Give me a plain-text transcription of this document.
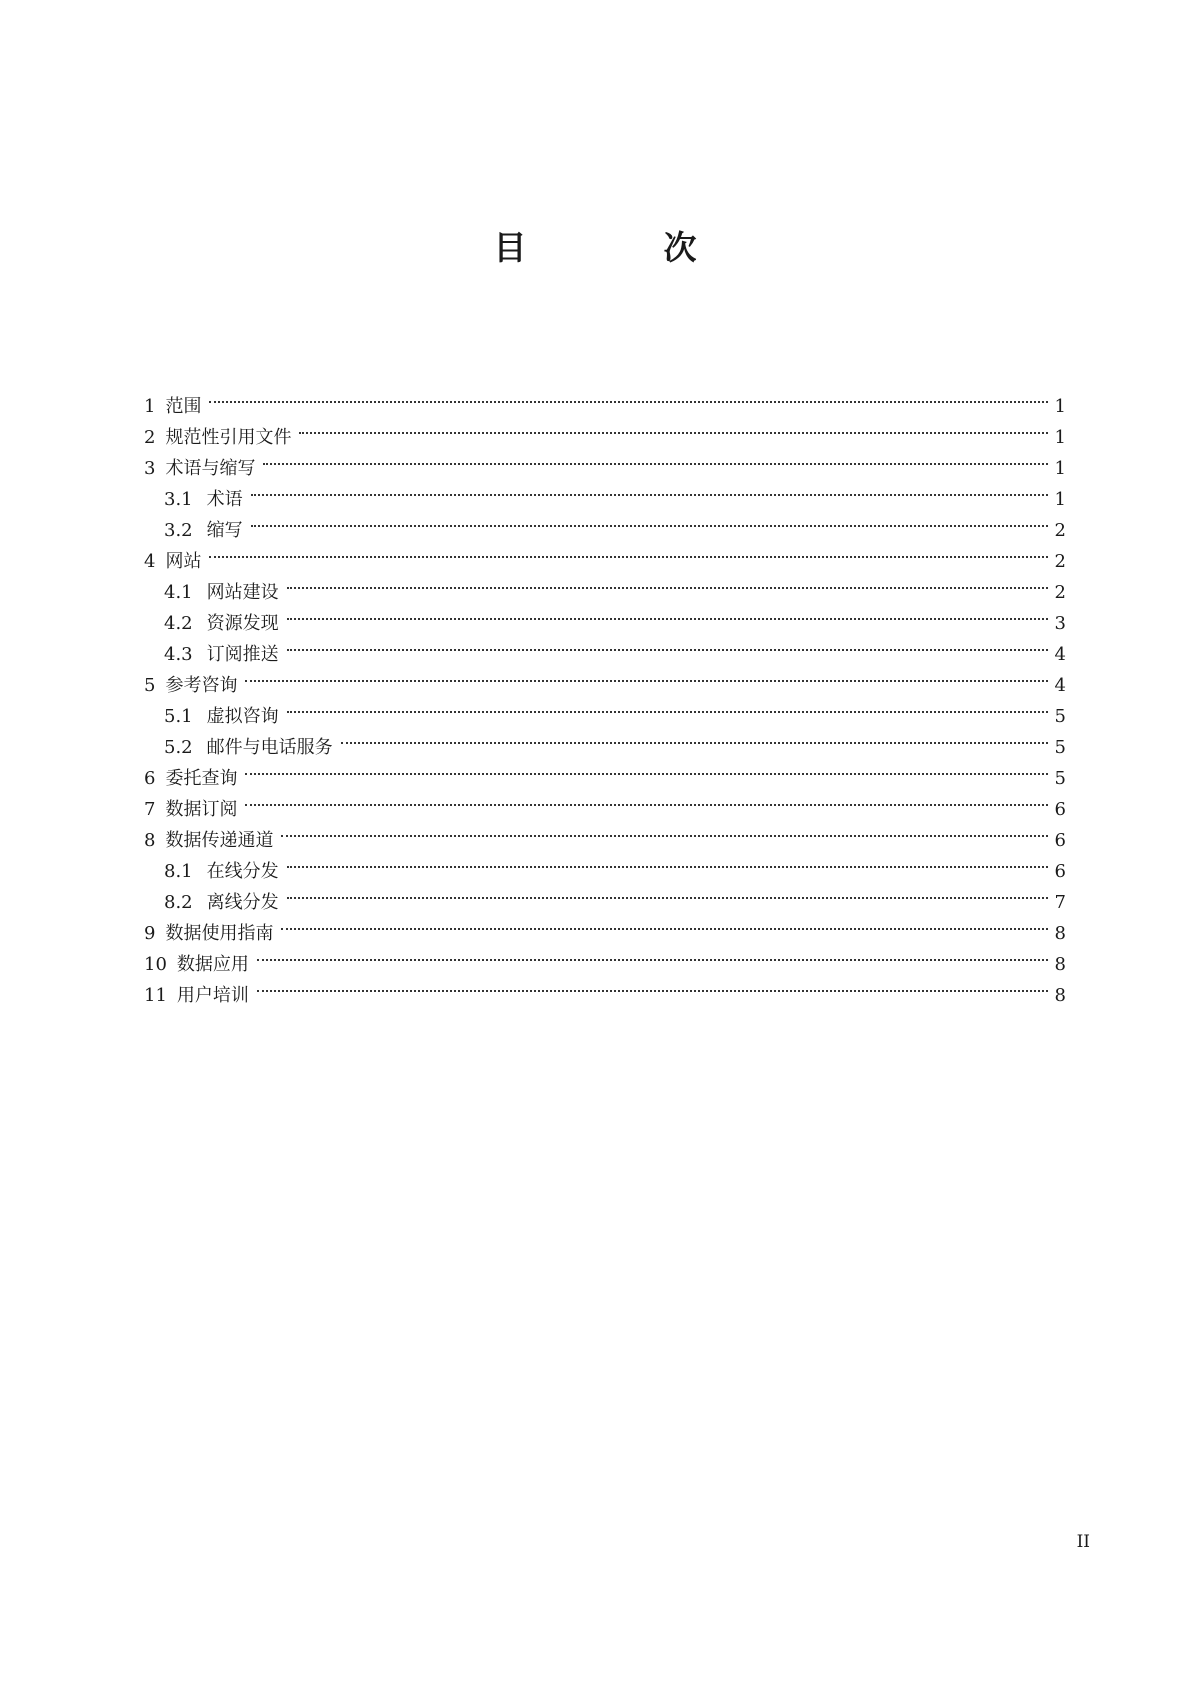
目　次
1 范围	1
2 规范性引用文件	1
3 术语与缩写	1
3.1 术语	1
3.2 缩写	2
4 网站	2
4.1 网站建设	2
4.2 资源发现	3
4.3 订阅推送	4
5 参考咨询	4
5.1 虚拟咨询	5
5.2 邮件与电话服务	5
6 委托查询	5
7 数据订阅	6
8 数据传递通道	6
8.1 在线分发	6
8.2 离线分发	7
9 数据使用指南	8
10 数据应用	8
11 用户培训	8
II
